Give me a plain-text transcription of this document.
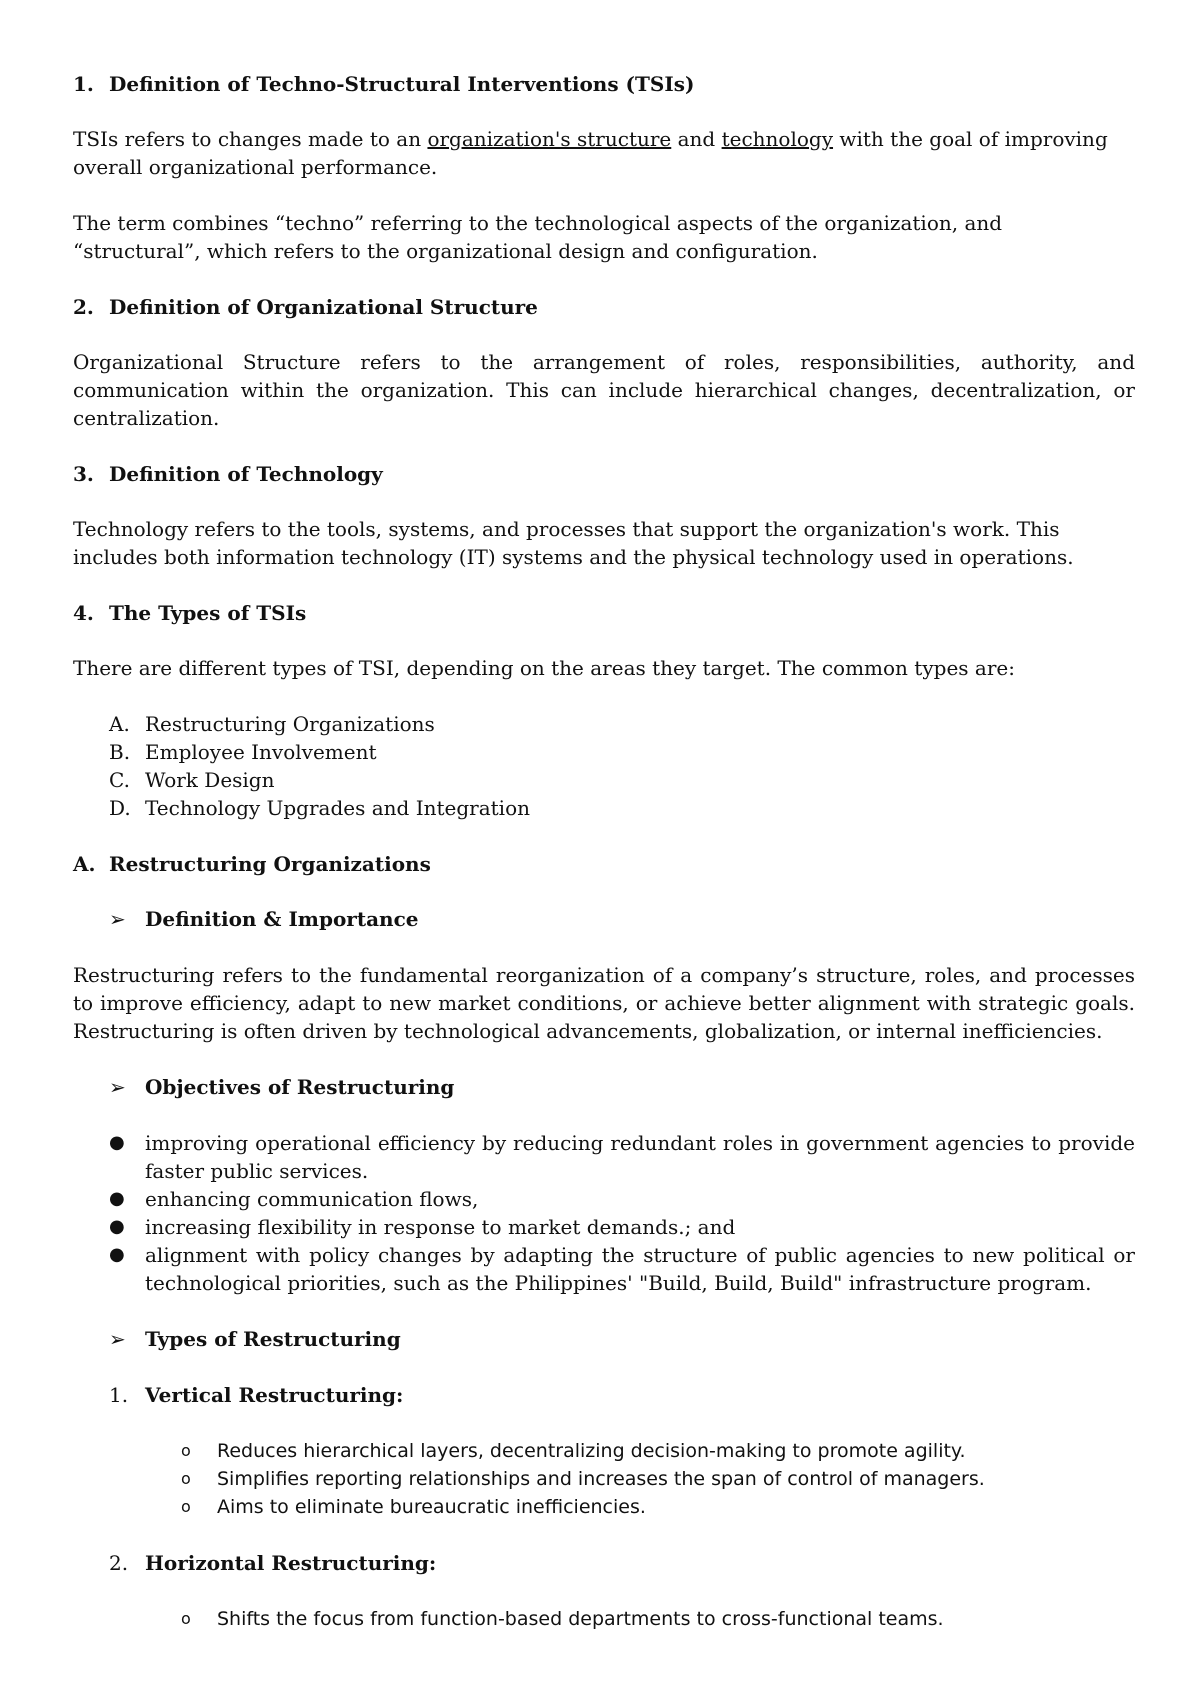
1. Definition of Techno-Structural Interventions (TSIs)

TSIs refers to changes made to an organization's structure and technology with the goal of improving overall organizational performance.

The term combines “techno” referring to the technological aspects of the organization, and “structural”, which refers to the organizational design and configuration.

2. Definition of Organizational Structure

Organizational Structure refers to the arrangement of roles, responsibilities, authority, and communication within the organization. This can include hierarchical changes, decentralization, or centralization.

3. Definition of Technology

Technology refers to the tools, systems, and processes that support the organization's work. This includes both information technology (IT) systems and the physical technology used in operations.

4. The Types of TSIs

There are different types of TSI, depending on the areas they target. The common types are:

A. Restructuring Organizations
B. Employee Involvement
C. Work Design
D. Technology Upgrades and Integration
A. Restructuring Organizations
➢ Definition & Importance

Restructuring refers to the fundamental reorganization of a company’s structure, roles, and processes to improve efficiency, adapt to new market conditions, or achieve better alignment with strategic goals. Restructuring is often driven by technological advancements, globalization, or internal inefficiencies.

➢ Objectives of Restructuring
●	improving operational efficiency by reducing redundant roles in government agencies to provide faster public services.
●	enhancing communication flows,
●	increasing flexibility in response to market demands.; and
●	alignment with policy changes by adapting the structure of public agencies to new political or technological priorities, such as the Philippines' "Build, Build, Build" infrastructure program.
➢ Types of Restructuring
1. Vertical Restructuring:
o	Reduces hierarchical layers, decentralizing decision-making to promote agility.
o	Simplifies reporting relationships and increases the span of control of managers.
o	Aims to eliminate bureaucratic inefficiencies.
2. Horizontal Restructuring:
o	Shifts the focus from function-based departments to cross-functional teams.
